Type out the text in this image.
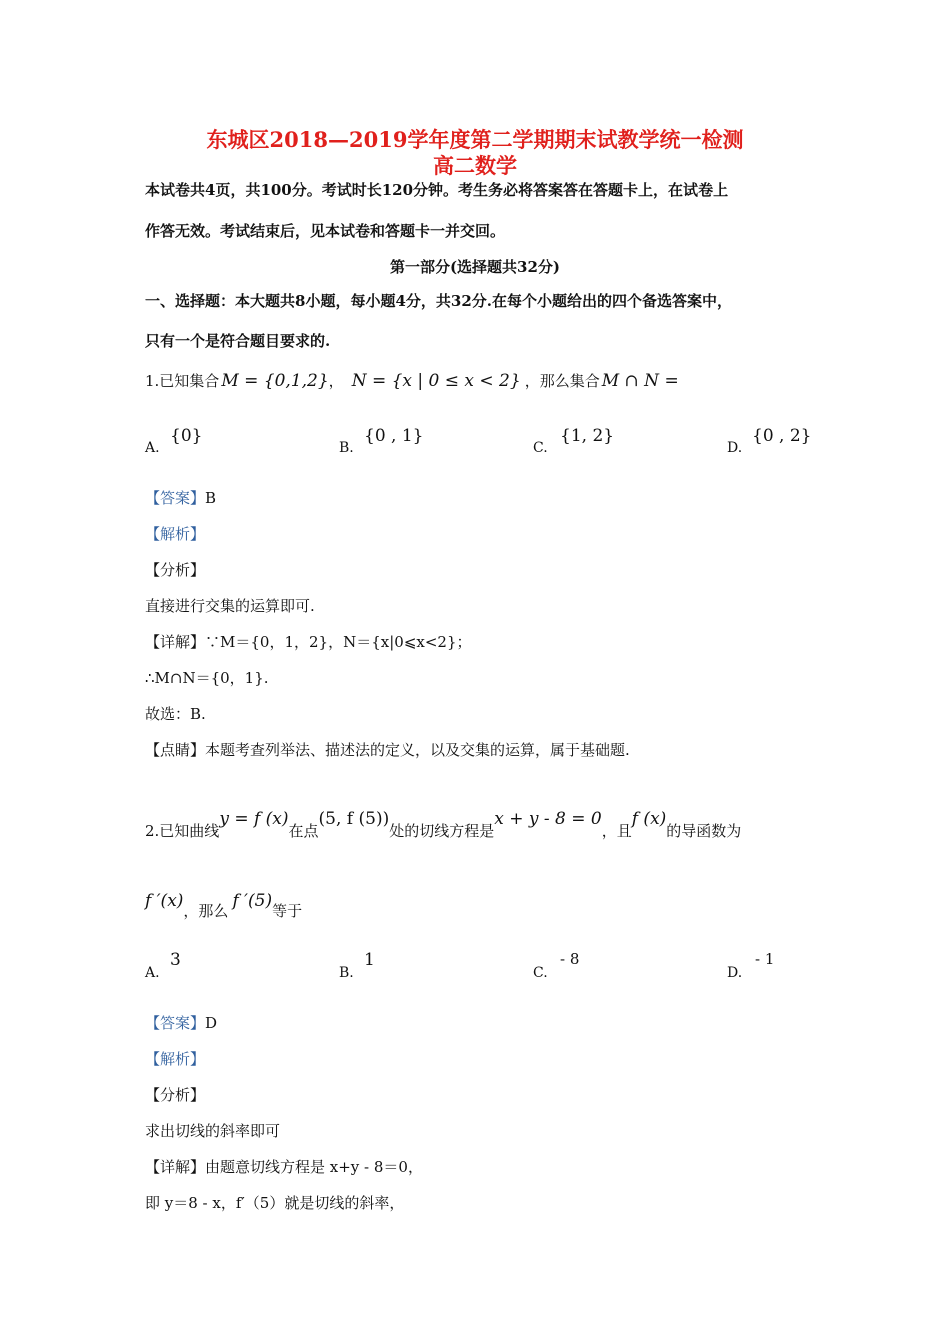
东城区2018—2019学年度第二学期期末试教学统一检测
高二数学
本试卷共4页，共100分。考试时长120分钟。考生务必将答案答在答题卡上，在试卷上
作答无效。考试结束后，见本试卷和答题卡一并交回。
第一部分(选择题共32分)
一、选择题：本大题共8小题，每小题4分，共32分.在每个小题给出的四个备选答案中，
只有一个是符合题目要求的.
1.已知集合 M = {0,1,2}， N = {x | 0 ≤ x < 2} ，那么集合 M ∩ N =
A.
{0}
B.
{0 , 1}
C.
{1, 2}
D.
{0 , 2}
【答案】B
【解析】
【分析】
直接进行交集的运算即可.
【详解】∵M＝{0，1，2}，N＝{x|0⩽x<2}；
∴M∩N＝{0，1}.
故选：B.
【点睛】本题考查列举法、描述法的定义，以及交集的运算，属于基础题.
2.已知曲线y = f (x)在点(5, f (5))处的切线方程是x + y - 8 = 0，且f (x)的导函数为
f ′(x)，那么 f ′(5)等于
A.
3
B.
1
C.
- 8
D.
- 1
【答案】D
【解析】
【分析】
求出切线的斜率即可
【详解】由题意切线方程是 x+y - 8＝0，
即 y＝8 - x，f′（5）就是切线的斜率，
